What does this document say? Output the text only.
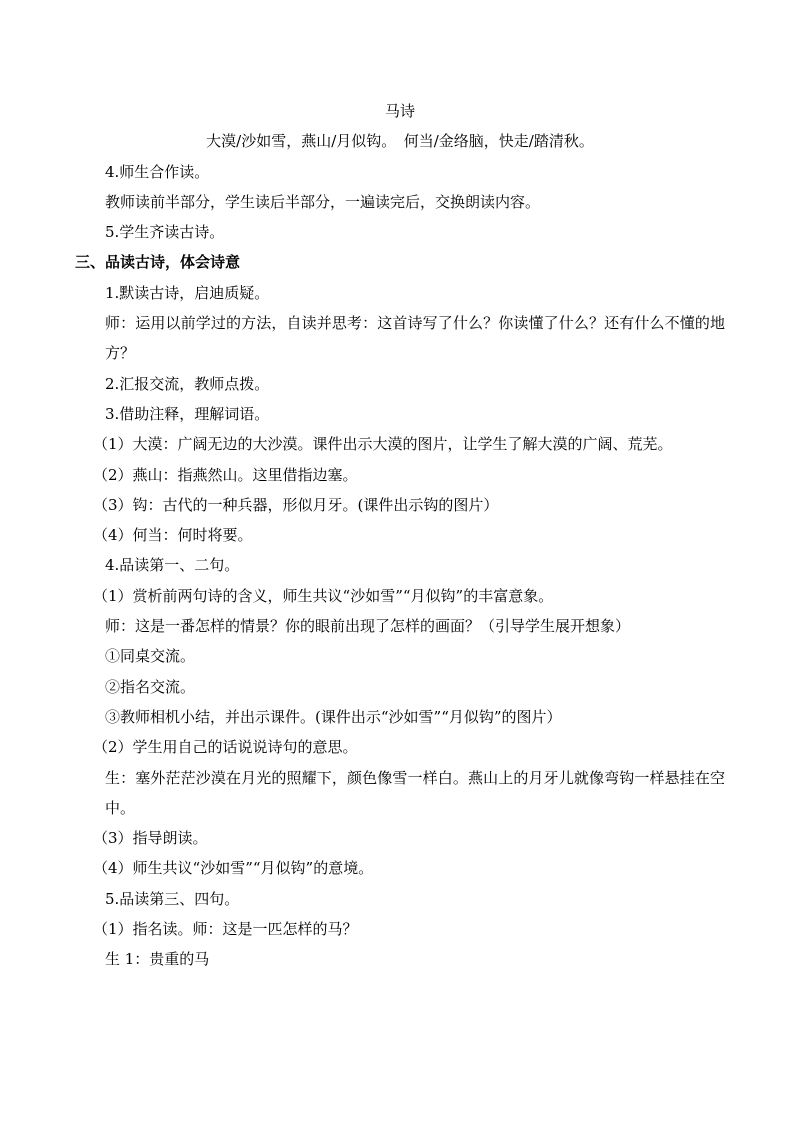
马诗
大漠/沙如雪，燕山/月似钩。　何当/金络脑，快走/踏清秋。
4.师生合作读。
教师读前半部分，学生读后半部分，一遍读完后，交换朗读内容。
5.学生齐读古诗。
三、品读古诗，体会诗意
1.默读古诗，启迪质疑。
师：运用以前学过的方法，自读并思考：这首诗写了什么？你读懂了什么？还有什么不懂的地方？
2.汇报交流，教师点拨。
3.借助注释，理解词语。
（1）大漠：广阔无边的大沙漠。课件出示大漠的图片，让学生了解大漠的广阔、荒芜。
（2）燕山：指燕然山。这里借指边塞。
（3）钩：古代的一种兵器，形似月牙。(课件出示钩的图片）
（4）何当：何时将要。
4.品读第一、二句。
（1）赏析前两句诗的含义，师生共议“沙如雪”“月似钩”的丰富意象。
师：这是一番怎样的情景？你的眼前出现了怎样的画面？（引导学生展开想象）
①同桌交流。
②指名交流。
③教师相机小结，并出示课件。(课件出示“沙如雪”“月似钩”的图片）
（2）学生用自己的话说说诗句的意思。
生：塞外茫茫沙漠在月光的照耀下，颜色像雪一样白。燕山上的月牙儿就像弯钩一样悬挂在空中。
（3）指导朗读。
（4）师生共议“沙如雪”“月似钩”的意境。
5.品读第三、四句。
（1）指名读。师：这是一匹怎样的马？
生 1：贵重的马
